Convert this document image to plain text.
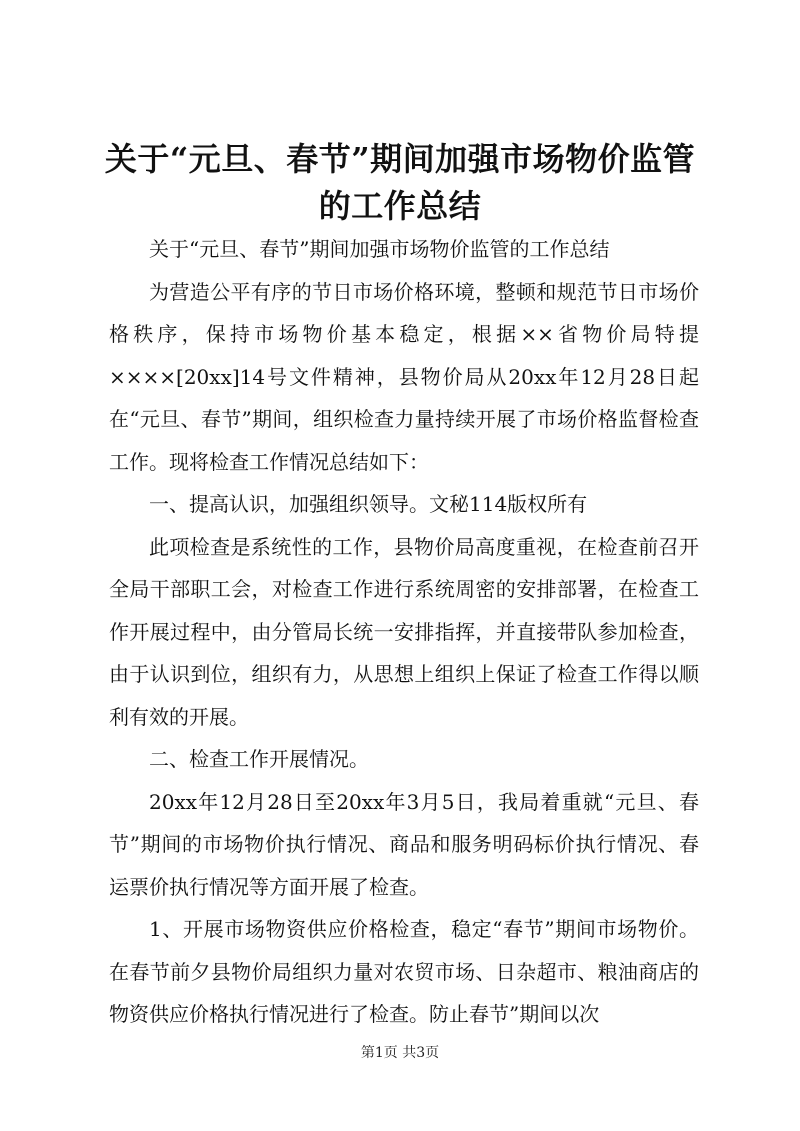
关于“元旦、春节”期间加强市场物价监管的工作总结

关于“元旦、春节”期间加强市场物价监管的工作总结

为营造公平有序的节日市场价格环境，整顿和规范节日市场价格秩序，保持市场物价基本稳定，根据××省物价局特提××××[20xx]14号文件精神，县物价局从20xx年12月28日起在“元旦、春节”期间，组织检查力量持续开展了市场价格监督检查工作。现将检查工作情况总结如下：

一、提高认识，加强组织领导。文秘114版权所有

此项检查是系统性的工作，县物价局高度重视，在检查前召开全局干部职工会，对检查工作进行系统周密的安排部署，在检查工作开展过程中，由分管局长统一安排指挥，并直接带队参加检查，由于认识到位，组织有力，从思想上组织上保证了检查工作得以顺利有效的开展。

二、检查工作开展情况。

20xx年12月28日至20xx年3月5日，我局着重就“元旦、春节”期间的市场物价执行情况、商品和服务明码标价执行情况、春运票价执行情况等方面开展了检查。

1、开展市场物资供应价格检查，稳定“春节”期间市场物价。在春节前夕县物价局组织力量对农贸市场、日杂超市、粮油商店的物资供应价格执行情况进行了检查。防止春节”期间以次

第1页 共3页
